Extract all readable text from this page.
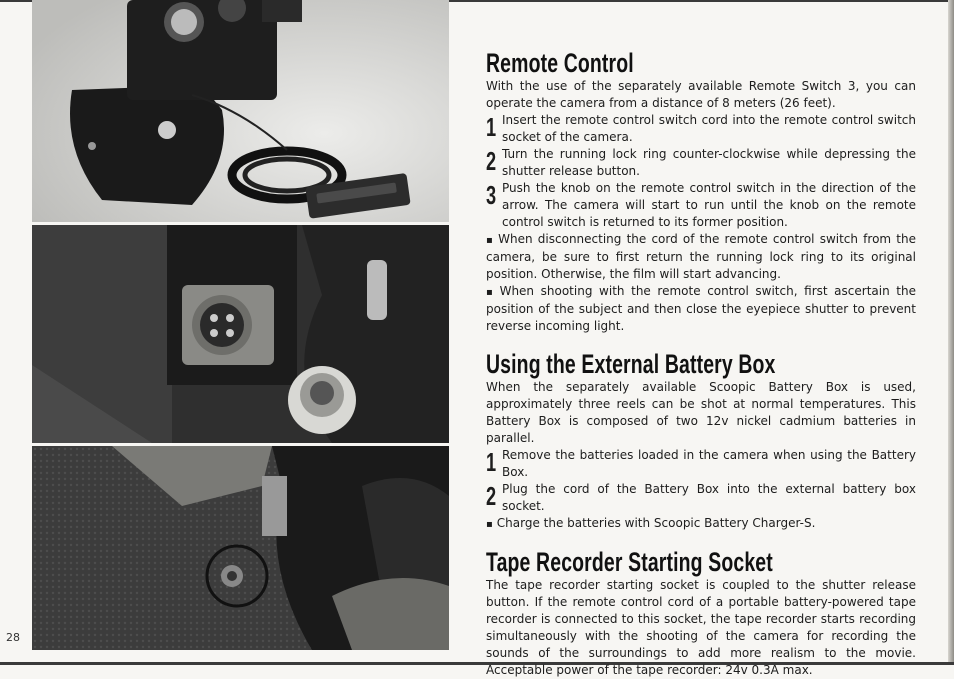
28
Remote Control

With the use of the separately available Remote Switch 3, you can operate the camera from a distance of 8 meters (26 feet).

1 Insert the remote control switch cord into the remote control switch socket of the camera.

2 Turn the running lock ring counter-clockwise while depressing the shutter release button.

3 Push the knob on the remote control switch in the direction of the arrow. The camera will start to run until the knob on the remote control switch is returned to its former position.

▪ When disconnecting the cord of the remote control switch from the camera, be sure to first return the running lock ring to its original position. Otherwise, the film will start advancing.

▪ When shooting with the remote control switch, first ascertain the position of the subject and then close the eyepiece shutter to prevent reverse incoming light.

Using the External Battery Box

When the separately available Scoopic Battery Box is used, approximately three reels can be shot at normal temperatures. This Battery Box is composed of two 12v nickel cadmium batteries in parallel.

1 Remove the batteries loaded in the camera when using the Battery Box.

2 Plug the cord of the Battery Box into the external battery box socket.

▪ Charge the batteries with Scoopic Battery Charger-S.

Tape Recorder Starting Socket

The tape recorder starting socket is coupled to the shutter release button. If the remote control cord of a portable battery-powered tape recorder is connected to this socket, the tape recorder starts recording simultaneously with the shooting of the camera for recording the sounds of the surroundings to add more realism to the movie. Acceptable power of the tape recorder: 24v 0.3A max.
